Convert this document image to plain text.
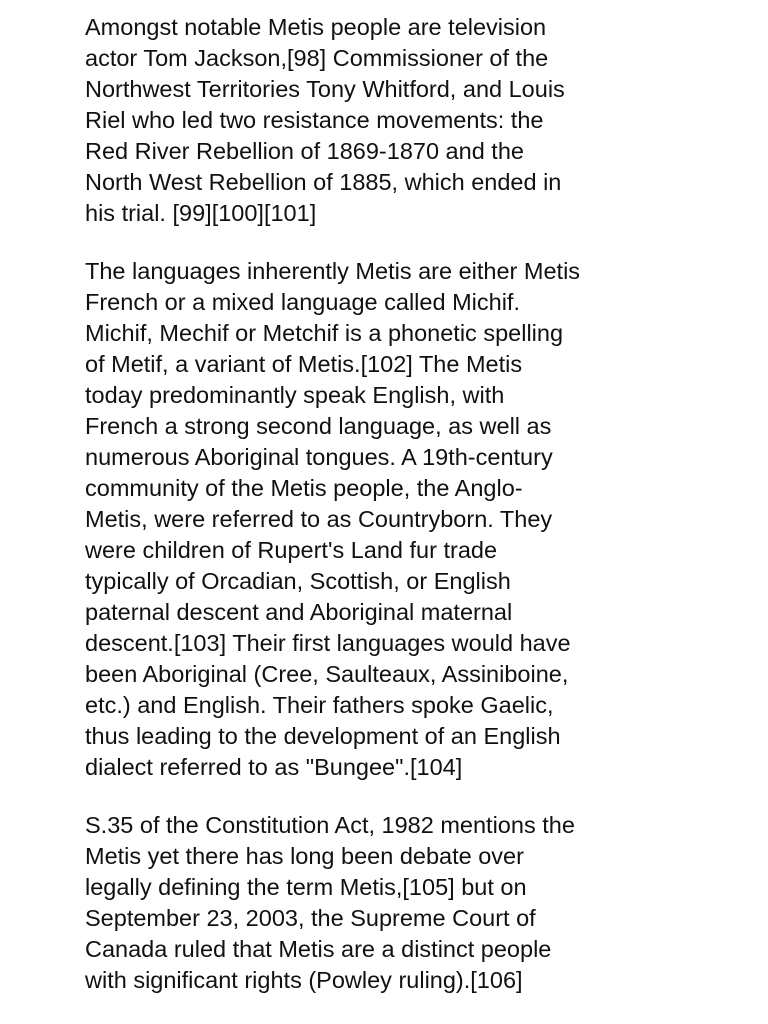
Amongst notable Metis people are television
actor Tom Jackson,[98] Commissioner of the
Northwest Territories Tony Whitford, and Louis
Riel who led two resistance movements: the
Red River Rebellion of 1869-1870 and the
North West Rebellion of 1885, which ended in
his trial. [99][100][101]

The languages inherently Metis are either Metis
French or a mixed language called Michif.
Michif, Mechif or Metchif is a phonetic spelling
of Metif, a variant of Metis.[102] The Metis
today predominantly speak English, with
French a strong second language, as well as
numerous Aboriginal tongues. A 19th-century
community of the Metis people, the Anglo-
Metis, were referred to as Countryborn. They
were children of Rupert's Land fur trade
typically of Orcadian, Scottish, or English
paternal descent and Aboriginal maternal
descent.[103] Their first languages would have
been Aboriginal (Cree, Saulteaux, Assiniboine,
etc.) and English. Their fathers spoke Gaelic,
thus leading to the development of an English
dialect referred to as "Bungee".[104]

S.35 of the Constitution Act, 1982 mentions the
Metis yet there has long been debate over
legally defining the term Metis,[105] but on
September 23, 2003, the Supreme Court of
Canada ruled that Metis are a distinct people
with significant rights (Powley ruling).[106]
